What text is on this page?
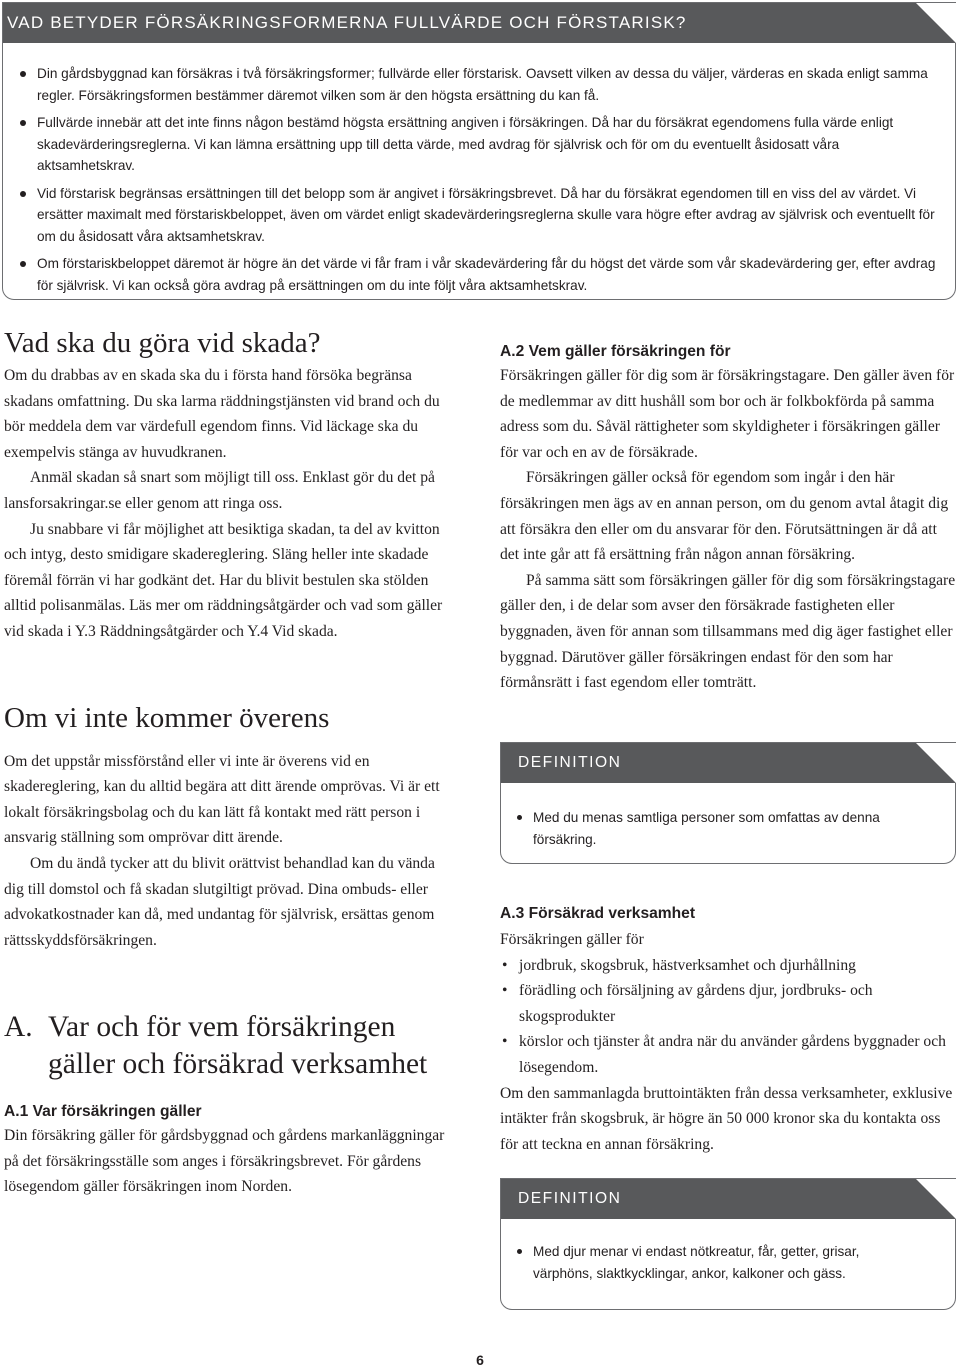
VAD BETYDER FÖRSÄKRINGSFORMERNA FULLVÄRDE OCH FÖRSTARISK?
Din gårdsbyggnad kan försäkras i två försäkringsformer; fullvärde eller förstarisk. Oavsett vilken av dessa du väljer, värderas en skada enligt samma regler. Försäkringsformen bestämmer däremot vilken som är den högsta ersättning du kan få.
Fullvärde innebär att det inte finns någon bestämd högsta ersättning angiven i försäkringen. Då har du försäkrat egendomens fulla värde enligt skadevärderingsreglerna. Vi kan lämna ersättning upp till detta värde, med avdrag för självrisk och för om du eventuellt åsidosatt våra aktsamhetskrav.
Vid förstarisk begränsas ersättningen till det belopp som är angivet i försäkringsbrevet. Då har du försäkrat egendomen till en viss del av värdet. Vi ersätter maximalt med förstariskbeloppet, även om värdet enligt skadevärderingsreglerna skulle vara högre efter avdrag av självrisk och eventuellt för om du åsidosatt våra aktsamhetskrav.
Om förstariskbeloppet däremot är högre än det värde vi får fram i vår skadevärdering får du högst det värde som vår skadevärdering ger, efter avdrag för självrisk. Vi kan också göra avdrag på ersättningen om du inte följt våra aktsamhetskrav.
Vad ska du göra vid skada?

Om du drabbas av en skada ska du i första hand försöka begränsa skadans omfattning. Du ska larma räddningstjänsten vid brand och du bör meddela dem var värdefull egendom finns. Vid läckage ska du exempelvis stänga av huvudkranen.

Anmäl skadan så snart som möjligt till oss. Enklast gör du det på lansforsakringar.se eller genom att ringa oss.

Ju snabbare vi får möjlighet att besiktiga skadan, ta del av kvitton och intyg, desto smidigare skadereglering. Släng heller inte skadade föremål förrän vi har godkänt det. Har du blivit bestulen ska stölden alltid polisanmälas. Läs mer om räddningsåtgärder och vad som gäller vid skada i Y.3 Räddningsåtgärder och Y.4 Vid skada.

Om vi inte kommer överens

Om det uppstår missförstånd eller vi inte är överens vid en skadereglering, kan du alltid begära att ditt ärende omprövas. Vi är ett lokalt försäkringsbolag och du kan lätt få kontakt med rätt person i ansvarig ställning som omprövar ditt ärende.

Om du ändå tycker att du blivit orättvist behandlad kan du vända dig till domstol och få skadan slutgiltigt prövad. Dina ombuds- eller advokatkostnader kan då, med undantag för självrisk, ersättas genom rättsskyddsförsäkringen.

A. Var och för vem försäkringen
gäller och försäkrad verksamhet
A.1 Var försäkringen gäller

Din försäkring gäller för gårdsbyggnad och gårdens markanläggningar på det försäkringsställe som anges i försäkringsbrevet. För gårdens lösegendom gäller försäkringen inom Norden.

A.2 Vem gäller försäkringen för

Försäkringen gäller för dig som är försäkringstagare. Den gäller även för de medlemmar av ditt hushåll som bor och är folkbokförda på samma adress som du. Såväl rättigheter som skyldigheter i försäkringen gäller för var och en av de försäkrade.

Försäkringen gäller också för egendom som ingår i den här försäkringen men ägs av en annan person, om du genom avtal åtagit dig att försäkra den eller om du ansvarar för den. Förutsättningen är då att det inte går att få ersättning från någon annan försäkring.

På samma sätt som försäkringen gäller för dig som försäkringstagare gäller den, i de delar som avser den försäkrade fastigheten eller byggnaden, även för annan som tillsammans med dig äger fastighet eller byggnad. Därutöver gäller försäkringen endast för den som har förmånsrätt i fast egendom eller tomträtt.

DEFINITION
Med du menas samtliga personer som omfattas av denna försäkring.
A.3 Försäkrad verksamhet

Försäkringen gäller för

• jordbruk, skogsbruk, hästverksamhet och djurhållning
• förädling och försäljning av gårdens djur, jordbruks- och skogsprodukter
• körslor och tjänster åt andra när du använder gårdens byggnader och lösegendom.

Om den sammanlagda bruttointäkten från dessa verksamheter, exklusive intäkter från skogsbruk, är högre än 50 000 kronor ska du kontakta oss för att teckna en annan försäkring.

DEFINITION
Med djur menar vi endast nötkreatur, får, getter, grisar, värphöns, slaktkycklingar, ankor, kalkoner och gäss.
6
